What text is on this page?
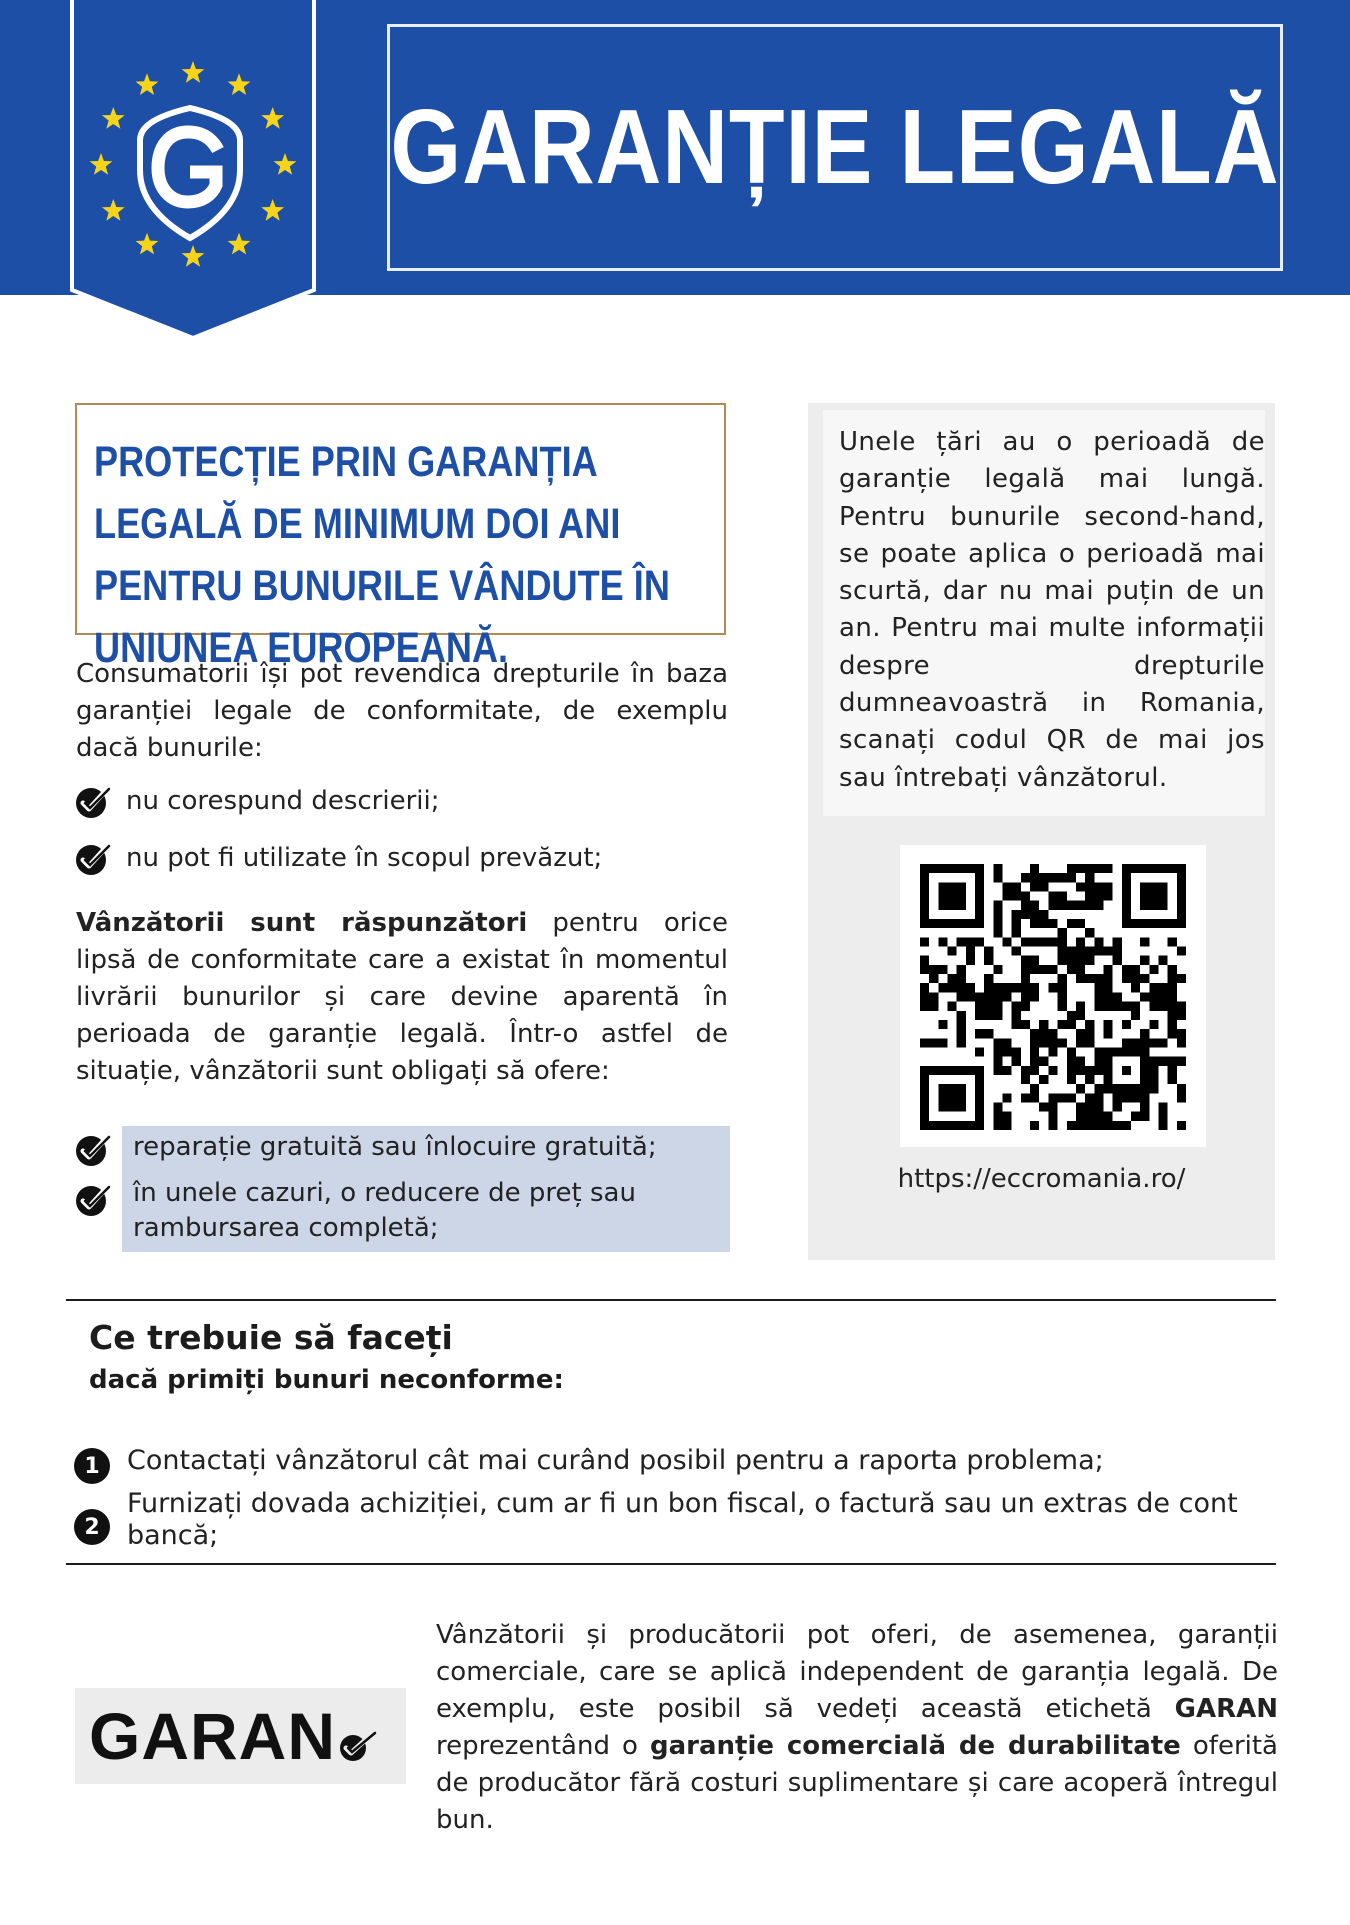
GARANȚIE LEGALĂ
PROTECȚIE PRIN GARANȚIA LEGALĂ DE MINIMUM DOI ANI PENTRU BUNURILE VÂNDUTE ÎN UNIUNEA EUROPEANĂ.

Consumatorii își pot revendica drepturile în baza garanției legale de conformitate, de exemplu dacă bunurile:

nu corespund descrierii;
nu pot fi utilizate în scopul prevăzut;

Vânzătorii sunt răspunzători pentru orice lipsă de conformitate care a existat în momentul livrării bunurilor și care devine aparentă în perioada de garanție legală. Într-o astfel de situație, vânzătorii sunt obligați să ofere:

reparație gratuită sau înlocuire gratuită;
în unele cazuri, o reducere de preț sau rambursarea completă;

Unele țări au o perioadă de garanție legală mai lungă. Pentru bunurile second-hand, se poate aplica o perioadă mai scurtă, dar nu mai puțin de un an. Pentru mai multe informații despre drepturile dumneavoastră in Romania, scanați codul QR de mai jos sau întrebați vânzătorul.

https://eccromania.ro/
Ce trebuie să faceți
dacă primiți bunuri neconforme:
1	Contactați vânzătorul cât mai curând posibil pentru a raporta problema;
2
Furnizați dovada achiziției, cum ar fi un bon fiscal, o factură sau un extras de cont bancă;
GARAN

Vânzătorii și producătorii pot oferi, de asemenea, garanții comerciale, care se aplică independent de garanția legală. De exemplu, este posibil să vedeți această etichetă GARAN reprezentând o garanție comercială de durabilitate oferită de producător fără costuri suplimentare și care acoperă întregul bun.
